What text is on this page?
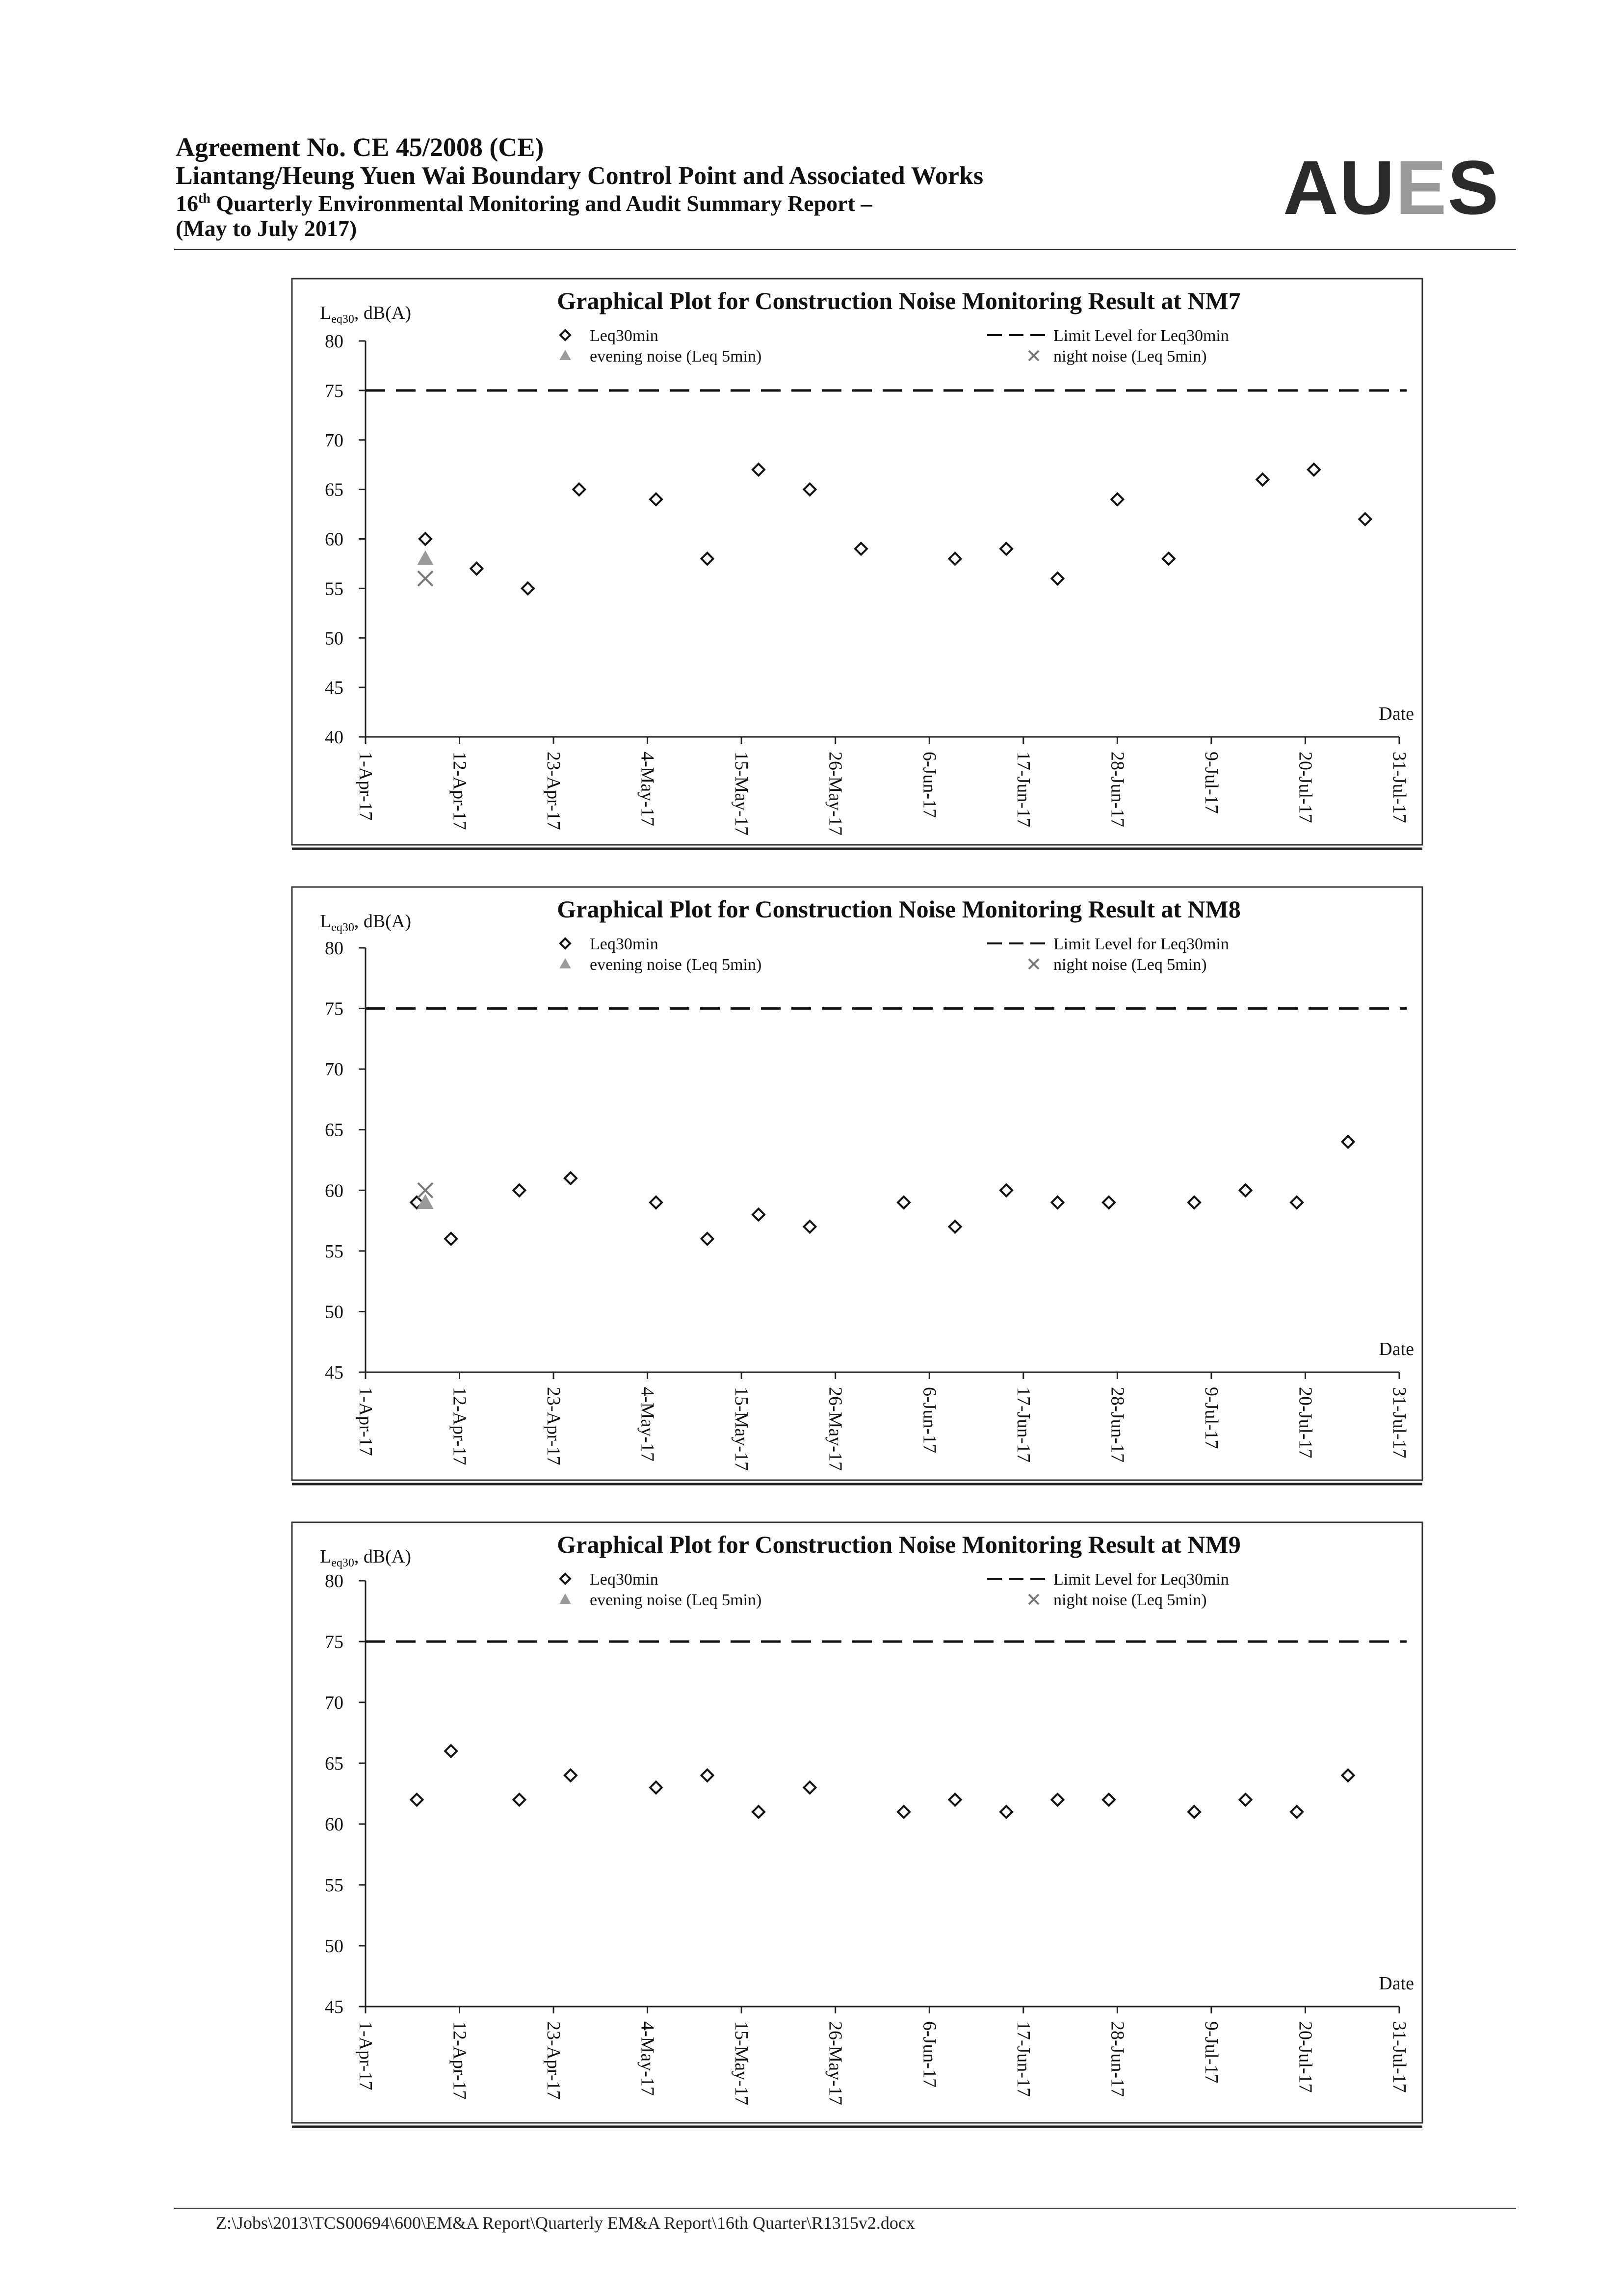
Agreement No. CE 45/2008 (CE)
Liantang/Heung Yuen Wai Boundary Control Point and Associated Works
16th Quarterly Environmental Monitoring and Audit Summary Report –
(May to July 2017)	AUES
Graphical Plot for Construction Noise Monitoring Result at NM7
$L_{eq30}$, dB(A)
40
45
50
55
60
65
70
75
80
1-Apr-17	12-Apr-17	23-Apr-17	4-May-17	15-May-17	26-May-17	6-Jun-17	17-Jun-17	28-Jun-17	9-Jul-17	20-Jul-17	31-Jul-17
Date
Leq30min
evening noise (Leq 5min)
Limit Level for Leq30min
night noise (Leq 5min)
Graphical Plot for Construction Noise Monitoring Result at NM8
$L_{eq30}$, dB(A)
45
50
55
60
65
70
75
80
1-Apr-17	12-Apr-17	23-Apr-17	4-May-17	15-May-17	26-May-17	6-Jun-17	17-Jun-17	28-Jun-17	9-Jul-17	20-Jul-17	31-Jul-17
Date
Leq30min
evening noise (Leq 5min)
Limit Level for Leq30min
night noise (Leq 5min)
Graphical Plot for Construction Noise Monitoring Result at NM9
$L_{eq30}$, dB(A)
45
50
55
60
65
70
75
80
1-Apr-17	12-Apr-17	23-Apr-17	4-May-17	15-May-17	26-May-17	6-Jun-17	17-Jun-17	28-Jun-17	9-Jul-17	20-Jul-17	31-Jul-17
Date
Leq30min
evening noise (Leq 5min)
Limit Level for Leq30min
night noise (Leq 5min)
Z:\Jobs\2013\TCS00694\600\EM&A Report\Quarterly EM&A Report\16th Quarter\R1315v2.docx
